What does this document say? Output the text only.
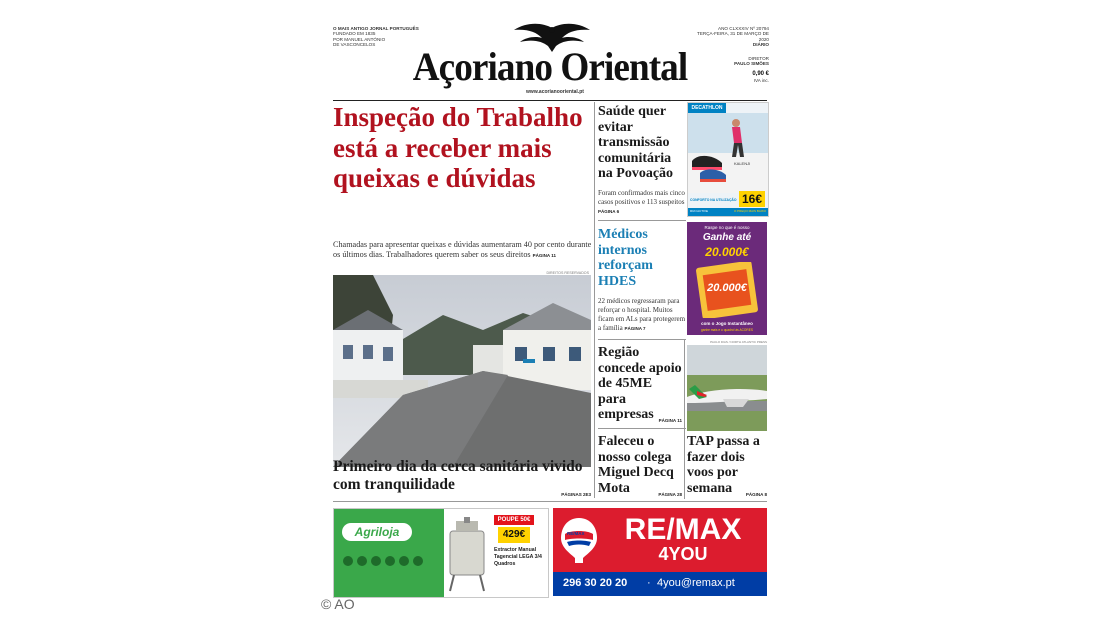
O MAIS ANTIGO JORNAL PORTUGUÊS
FUNDADO EM 1835
POR MANUEL ANTÓNIO
DE VASCONCELOS Açoriano Oriental
ANO CLXXXIV Nº 20794
TERÇA-FEIRA, 31 DE MARÇO DE 2020
DIÁRIO
DIRETOR
PAULO SIMÕES
0,90 €
IVA inc.
www.acorianooriental.pt
Inspeção do Trabalho está a receber mais queixas e dúvidas
Chamadas para apresentar queixas e dúvidas aumentaram 40 por cento durante os últimos dias. Trabalhadores querem saber os seus direitos PÁGINA 11
DIREITOS RESERVADOS
Primeiro dia da cerca sanitária vivido com tranquilidade
PÁGINAS 2E3
Saúde quer evitar transmissão comunitária na Povoação
Foram confirmados mais cinco casos positivos e 113 suspeitos PÁGINA 6
Médicos internos reforçam HDES
22 médicos regressaram para reforçar o hospital. Muitos ficam em ALs para protegerem a família PÁGINA 7
Região concede apoio de 45ME para empresas	PÁGINA 11
Faleceu o nosso colega Miguel Decq Mota	PÁGINA 28
DECATHLON
KALENJI
16€
CONFORTO NA UTILIZAÇÃO
RUN ACTIVE	O PREÇO MAIS BAIXO
Raspe no que é nosso
Ganhe até
20.000€
20.000€
com o Jogo Instantâneo
ganhe mais e o quadro! às ACORES
PAULO DIAS / NORTH ATLANTIC PRESS
TAP passa a fazer dois voos por semana	PÁGINA 8
Agriloja
POUPE 50€
429€
Extractor Manual Tagencial LEGA 3/4 Quadros
RE/MAX	RE/MAX
4YOU
296 30 20 20 · 4you@remax.pt
© AO
